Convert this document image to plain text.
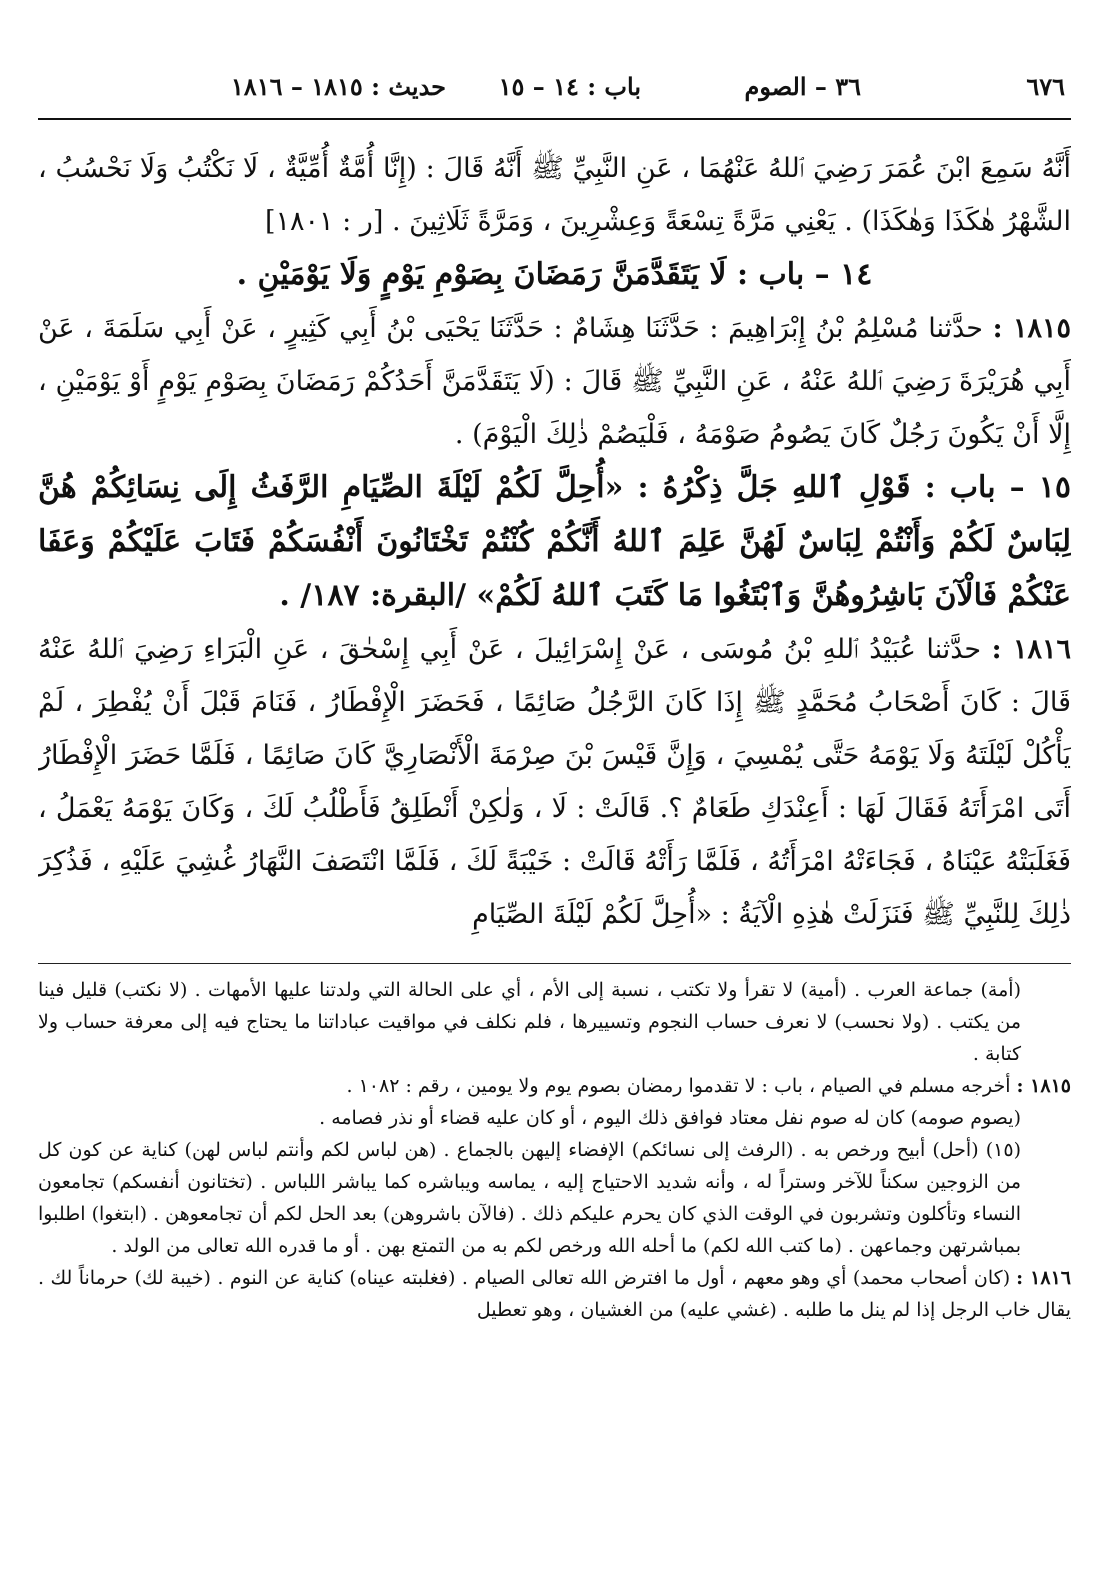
٦٧٦
٣٦ – الصوم
باب : ١٤ – ١٥
حديث : ١٨١٥ – ١٨١٦

أَنَّهُ سَمِعَ ابْنَ عُمَرَ رَضِيَ ٱللهُ عَنْهُمَا ، عَنِ النَّبِيِّ ﷺ أَنَّهُ قَالَ : (إِنَّا أُمَّةٌ أُمِّيَّةٌ ، لَا نَكْتُبُ وَلَا نَحْسُبُ ، الشَّهْرُ هٰكَذَا وَهٰكَذَا) . يَعْنِي مَرَّةً تِسْعَةً وَعِشْرِينَ ، وَمَرَّةً ثَلَاثِينَ . [ر : ١٨٠١]

١٤ – باب : لَا يَتَقَدَّمَنَّ رَمَضَانَ بِصَوْمِ يَوْمٍ وَلَا يَوْمَيْنِ .

١٨١٥ : حدَّثنا مُسْلِمُ بْنُ إِبْرَاهِيمَ : حَدَّثَنَا هِشَامٌ : حَدَّثَنَا يَحْيَى بْنُ أَبِي كَثِيرٍ ، عَنْ أَبِي سَلَمَةَ ، عَنْ أَبِي هُرَيْرَةَ رَضِيَ ٱللهُ عَنْهُ ، عَنِ النَّبِيِّ ﷺ قَالَ : (لَا يَتَقَدَّمَنَّ أَحَدُكُمْ رَمَضَانَ بِصَوْمِ يَوْمٍ أَوْ يَوْمَيْنِ ، إِلَّا أَنْ يَكُونَ رَجُلٌ كَانَ يَصُومُ صَوْمَهُ ، فَلْيَصُمْ ذٰلِكَ الْيَوْمَ) .

١٥ – باب : قَوْلِ ٱللهِ جَلَّ ذِكْرُهُ : «أُحِلَّ لَكُمْ لَيْلَةَ الصِّيَامِ الرَّفَثُ إِلَى نِسَائِكُمْ هُنَّ لِبَاسٌ لَكُمْ وَأَنْتُمْ لِبَاسٌ لَهُنَّ عَلِمَ ٱللهُ أَنَّكُمْ كُنْتُمْ تَخْتَانُونَ أَنْفُسَكُمْ فَتَابَ عَلَيْكُمْ وَعَفَا عَنْكُمْ فَالْآنَ بَاشِرُوهُنَّ وَٱبْتَغُوا مَا كَتَبَ ٱللهُ لَكُمْ» /البقرة: ١٨٧/ .

١٨١٦ : حدَّثنا عُبَيْدُ ٱللهِ بْنُ مُوسَى ، عَنْ إِسْرَائِيلَ ، عَنْ أَبِي إِسْحٰقَ ، عَنِ الْبَرَاءِ رَضِيَ ٱللهُ عَنْهُ قَالَ : كَانَ أَصْحَابُ مُحَمَّدٍ ﷺ إِذَا كَانَ الرَّجُلُ صَائِمًا ، فَحَضَرَ الْإِفْطَارُ ، فَنَامَ قَبْلَ أَنْ يُفْطِرَ ، لَمْ يَأْكُلْ لَيْلَتَهُ وَلَا يَوْمَهُ حَتَّى يُمْسِيَ ، وَإِنَّ قَيْسَ بْنَ صِرْمَةَ الْأَنْصَارِيَّ كَانَ صَائِمًا ، فَلَمَّا حَضَرَ الْإِفْطَارُ أَتَى امْرَأَتَهُ فَقَالَ لَهَا : أَعِنْدَكِ طَعَامٌ ؟. قَالَتْ : لَا ، وَلٰكِنْ أَنْطَلِقُ فَأَطْلُبُ لَكَ ، وَكَانَ يَوْمَهُ يَعْمَلُ ، فَغَلَبَتْهُ عَيْنَاهُ ، فَجَاءَتْهُ امْرَأَتُهُ ، فَلَمَّا رَأَتْهُ قَالَتْ : خَيْبَةً لَكَ ، فَلَمَّا انْتَصَفَ النَّهَارُ غُشِيَ عَلَيْهِ ، فَذُكِرَ ذٰلِكَ لِلنَّبِيِّ ﷺ فَنَزَلَتْ هٰذِهِ الْآيَةُ : «أُحِلَّ لَكُمْ لَيْلَةَ الصِّيَامِ

(أمة) جماعة العرب . (أمية) لا تقرأ ولا تكتب ، نسبة إلى الأم ، أي على الحالة التي ولدتنا عليها الأمهات . (لا نكتب) قليل فينا من يكتب . (ولا نحسب) لا نعرف حساب النجوم وتسييرها ، فلم نكلف في مواقيت عباداتنا ما يحتاج فيه إلى معرفة حساب ولا كتابة .

١٨١٥ :أخرجه مسلم في الصيام ، باب : لا تقدموا رمضان بصوم يوم ولا يومين ، رقم : ١٠٨٢ .

(يصوم صومه) كان له صوم نفل معتاد فوافق ذلك اليوم ، أو كان عليه قضاء أو نذر فصامه .

(١٥) (أحل) أبيح ورخص به . (الرفث إلى نسائكم) الإفضاء إليهن بالجماع . (هن لباس لكم وأنتم لباس لهن) كناية عن كون كل من الزوجين سكناً للآخر وستراً له ، وأنه شديد الاحتياج إليه ، يماسه ويباشره كما يباشر اللباس . (تختانون أنفسكم) تجامعون النساء وتأكلون وتشربون في الوقت الذي كان يحرم عليكم ذلك . (فالآن باشروهن) بعد الحل لكم أن تجامعوهن . (ابتغوا) اطلبوا بمباشرتهن وجماعهن . (ما كتب الله لكم) ما أحله الله ورخص لكم به من التمتع بهن . أو ما قدره الله تعالى من الولد .

١٨١٦ :(كان أصحاب محمد) أي وهو معهم ، أول ما افترض الله تعالى الصيام . (فغلبته عيناه) كناية عن النوم . (خيبة لك) حرماناً لك . يقال خاب الرجل إذا لم ينل ما طلبه . (غشي عليه) من الغشيان ، وهو تعطيل
